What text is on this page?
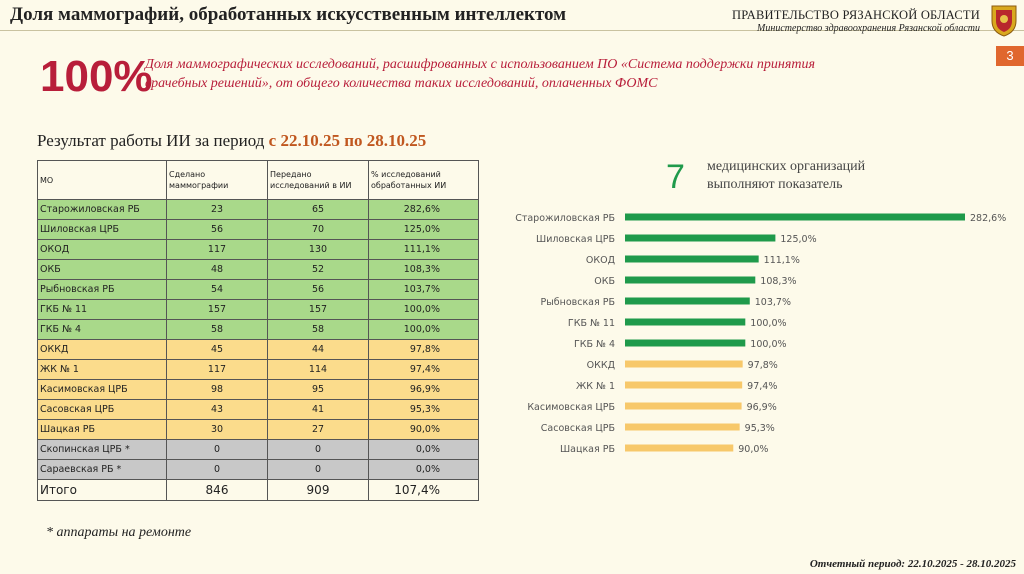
Доля маммографий, обработанных искусственным интеллектом	ПРАВИТЕЛЬСТВО РЯЗАНСКОЙ ОБЛАСТИ
Министерство здравоохранения Рязанской области
3
100%
Доля маммографических исследований, расшифрованных с использованием ПО «Система поддержки принятия врачебных решений», от общего количества таких исследований, оплаченных ФОМС
Результат работы ИИ за период с 22.10.25 по 28.10.25
МО	Сделано маммографии	Передано исследований в ИИ	% исследований обработанных ИИ
Старожиловская РБ	23	65	282,6%
Шиловская ЦРБ	56	70	125,0%
ОКОД	117	130	111,1%
ОКБ	48	52	108,3%
Рыбновская РБ	54	56	103,7%
ГКБ № 11	157	157	100,0%
ГКБ № 4	58	58	100,0%
ОККД	45	44	97,8%
ЖК № 1	117	114	97,4%
Касимовская ЦРБ	98	95	96,9%
Сасовская ЦРБ	43	41	95,3%
Шацкая РБ	30	27	90,0%
Скопинская ЦРБ *	0	0	0,0%
Сараевская РБ *	0	0	0,0%
Итого	846	909	107,4%
7 медицинских организаций
выполняют показатель
Старожиловская РБ	282,6%
Шиловская ЦРБ	125,0%
ОКОД	111,1%
ОКБ	108,3%
Рыбновская РБ	103,7%
ГКБ № 11	100,0%
ГКБ № 4	100,0%
ОККД	97,8%
ЖК № 1	97,4%
Касимовская ЦРБ	96,9%
Сасовская ЦРБ	95,3%
Шацкая РБ	90,0%
* аппараты на ремонте
Отчетный период: 22.10.2025 - 28.10.2025
